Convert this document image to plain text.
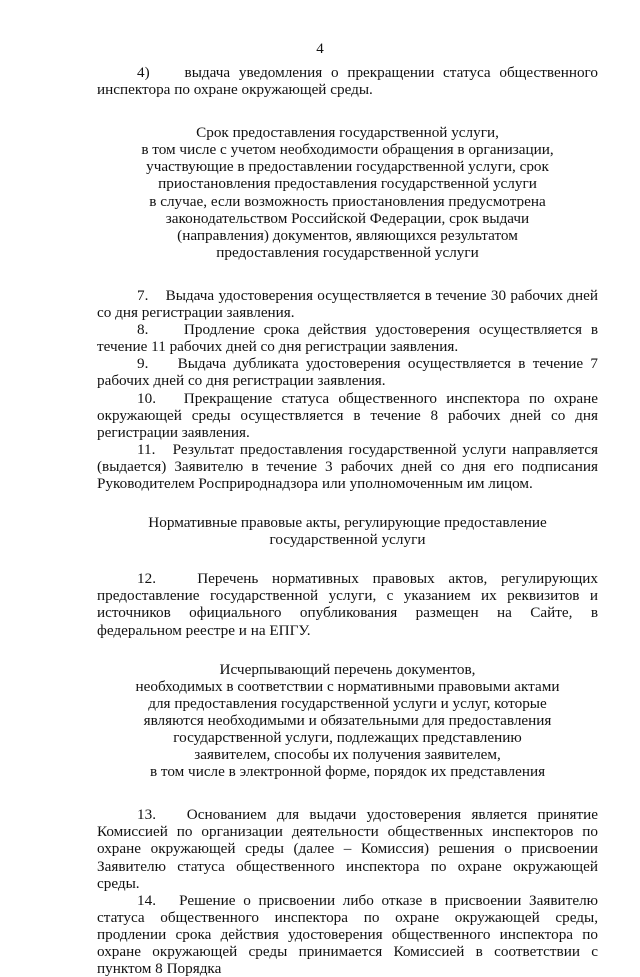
4

4)    выдача уведомления о прекращении статуса общественного инспектора по охране окружающей среды.

Срок предоставления государственной услуги,
в том числе с учетом необходимости обращения в организации,
участвующие в предоставлении государственной услуги, срок
приостановления предоставления государственной услуги
в случае, если возможность приостановления предусмотрена
законодательством Российской Федерации, срок выдачи
(направления) документов, являющихся результатом
предоставления государственной услуги

7.    Выдача удостоверения осуществляется в течение 30 рабочих дней со дня регистрации заявления.

8.    Продление срока действия удостоверения осуществляется в течение 11 рабочих дней со дня регистрации заявления.

9.    Выдача дубликата удостоверения осуществляется в течение 7 рабочих дней со дня регистрации заявления.

10.   Прекращение статуса общественного инспектора по охране окружающей среды осуществляется в течение 8 рабочих дней со дня регистрации заявления.

11.   Результат предоставления государственной услуги направляется (выдается) Заявителю в течение 3 рабочих дней со дня его подписания Руководителем Росприроднадзора или уполномоченным им лицом.

Нормативные правовые акты, регулирующие предоставление
государственной услуги

12.   Перечень нормативных правовых актов, регулирующих предоставление государственной услуги, с указанием их реквизитов и источников официального опубликования размещен на Сайте, в федеральном реестре и на ЕПГУ.

Исчерпывающий перечень документов,
необходимых в соответствии с нормативными правовыми актами
для предоставления государственной услуги и услуг, которые
являются необходимыми и обязательными для предоставления
государственной услуги, подлежащих представлению
заявителем, способы их получения заявителем,
в том числе в электронной форме, порядок их представления

13.   Основанием для выдачи удостоверения является принятие Комиссией по организации деятельности общественных инспекторов по охране окружающей среды (далее – Комиссия) решения о присвоении Заявителю статуса общественного инспектора по охране окружающей среды.

14.   Решение о присвоении либо отказе в присвоении Заявителю статуса общественного инспектора по охране окружающей среды, продлении срока действия удостоверения общественного инспектора по охране окружающей среды принимается Комиссией в соответствии с пунктом 8 Порядка
